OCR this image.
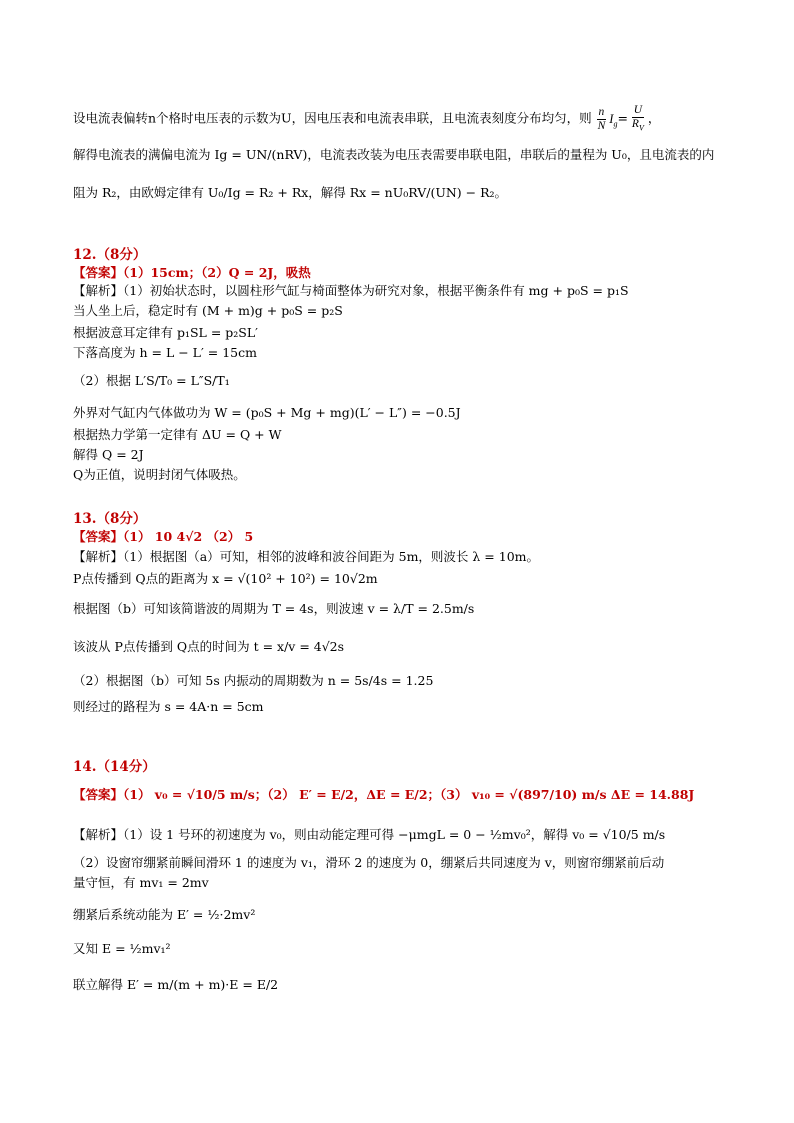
设电流表偏转n个格时电压表的示数为U，因电压表和电流表串联，且电流表刻度分布均匀，则 $\frac{n}{N} I_g= \frac{U}{R_V}$ ，
解得电流表的满偏电流为 Ig = UN/(nRV)，电流表改装为电压表需要串联电阻，串联后的量程为 U₀，且电流表的内
阻为 R₂，由欧姆定律有 U₀/Ig = R₂ + Rx，解得 Rx = nU₀RV/(UN) − R₂。
12.（8分）
【答案】（1）15cm；（2）Q = 2J，吸热
【解析】（1）初始状态时，以圆柱形气缸与椅面整体为研究对象，根据平衡条件有 mg + p₀S = p₁S
当人坐上后，稳定时有 (M + m)g + p₀S = p₂S
根据波意耳定律有 p₁SL = p₂SL′
下落高度为 h = L − L′ = 15cm
（2）根据 L′S/T₀ = L″S/T₁
外界对气缸内气体做功为 W = (p₀S + Mg + mg)(L′ − L″) = −0.5J
根据热力学第一定律有 ΔU = Q + W
解得 Q = 2J
Q为正值，说明封闭气体吸热。
13.（8分）
【答案】（1） 10 4√2 （2） 5
【解析】（1）根据图（a）可知，相邻的波峰和波谷间距为 5m，则波长 λ = 10m。
P点传播到 Q点的距离为 x = √(10² + 10²) = 10√2m
根据图（b）可知该简谐波的周期为 T = 4s，则波速 v = λ/T = 2.5m/s
该波从 P点传播到 Q点的时间为 t = x/v = 4√2s
（2）根据图（b）可知 5s 内振动的周期数为 n = 5s/4s = 1.25
则经过的路程为 s = 4A·n = 5cm
14.（14分）
【答案】（1） v₀ = √10/5 m/s；（2） E′ = E/2，ΔE = E/2；（3） v₁₀ = √(897/10) m/s ΔE = 14.88J
【解析】（1）设 1 号环的初速度为 v₀，则由动能定理可得 −μmgL = 0 − ½mv₀²，解得 v₀ = √10/5 m/s
（2）设窗帘绷紧前瞬间滑环 1 的速度为 v₁，滑环 2 的速度为 0，绷紧后共同速度为 v，则窗帘绷紧前后动
量守恒，有 mv₁ = 2mv
绷紧后系统动能为 E′ = ½·2mv²
又知 E = ½mv₁²
联立解得 E′ = m/(m + m)·E = E/2
